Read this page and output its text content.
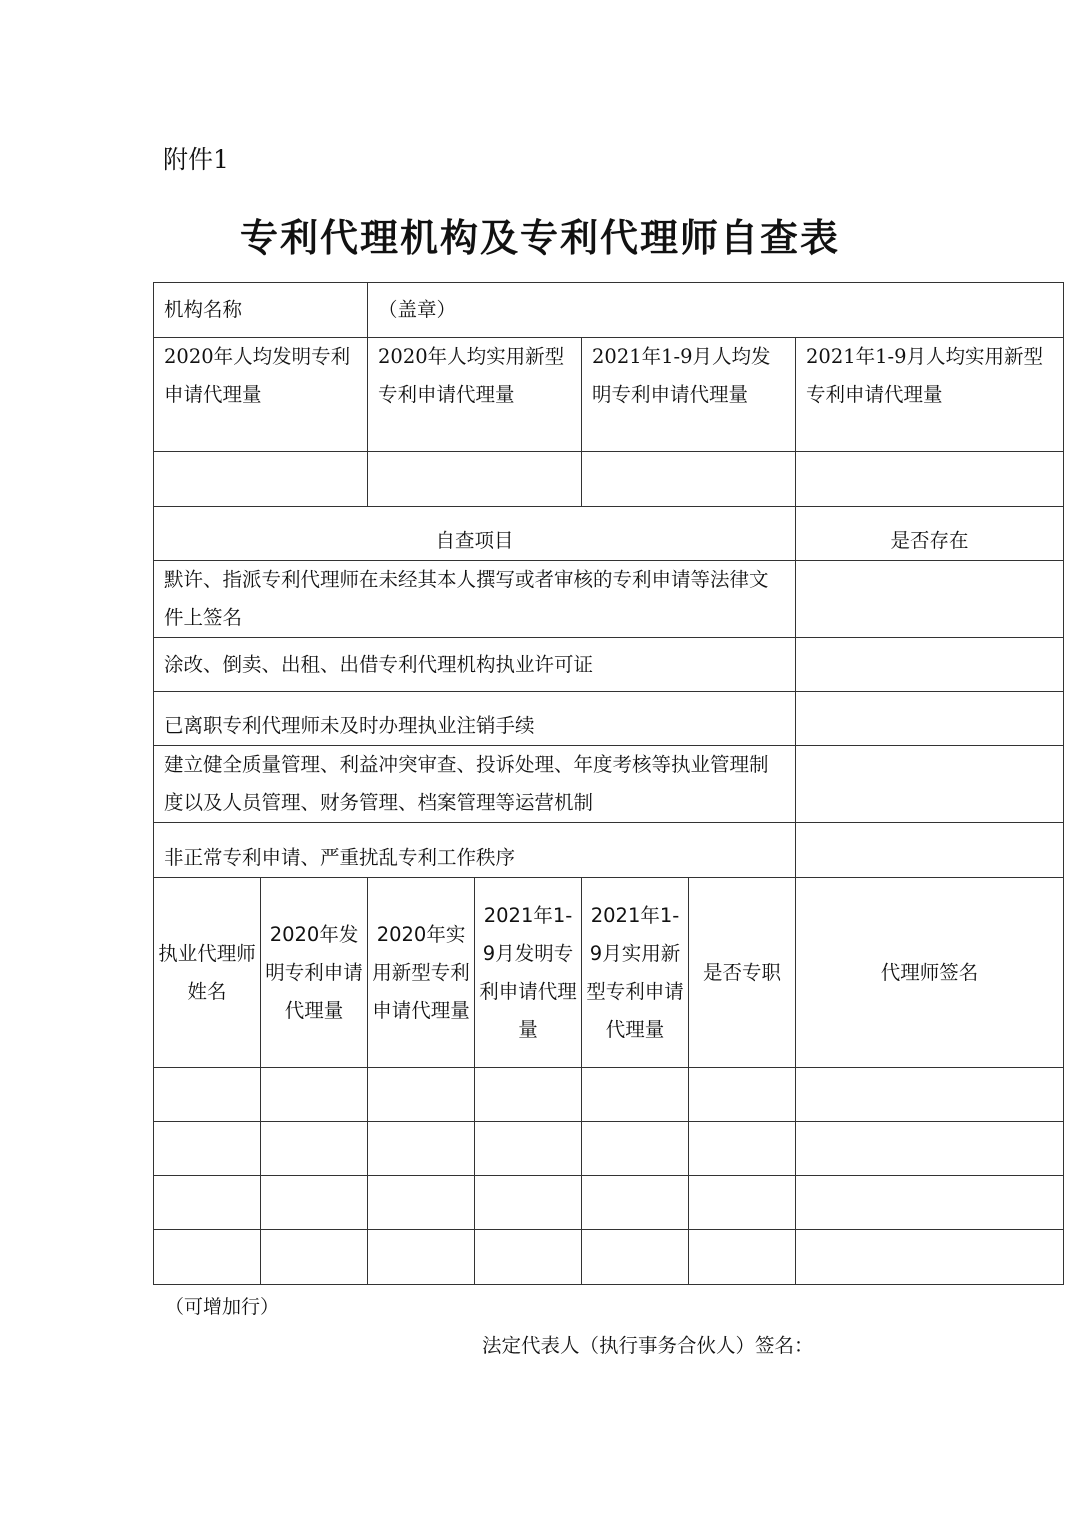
附件1
专利代理机构及专利代理师自查表
机构名称		（盖章）				
2020年人均发明专利申请代理量		2020年人均实用新型专利申请代理量		2021年1-9月人均发明专利申请代理量		2021年1-9月人均实用新型专利申请代理量

自查项目						是否存在
默许、指派专利代理师在未经其本人撰写或者审核的专利申请等法律文件上签名						
涂改、倒卖、出租、出借专利代理机构执业许可证						
已离职专利代理师未及时办理执业注销手续						
建立健全质量管理、利益冲突审查、投诉处理、年度考核等执业管理制度以及人员管理、财务管理、档案管理等运营机制						
非正常专利申请、严重扰乱专利工作秩序						
执业代理师姓名	2020年发明专利申请代理量	2020年实用新型专利申请代理量	2021年1-9月发明专利申请代理量	2021年1-9月实用新型专利申请代理量	是否专职	代理师签名

（可增加行）
法定代表人（执行事务合伙人）签名：
